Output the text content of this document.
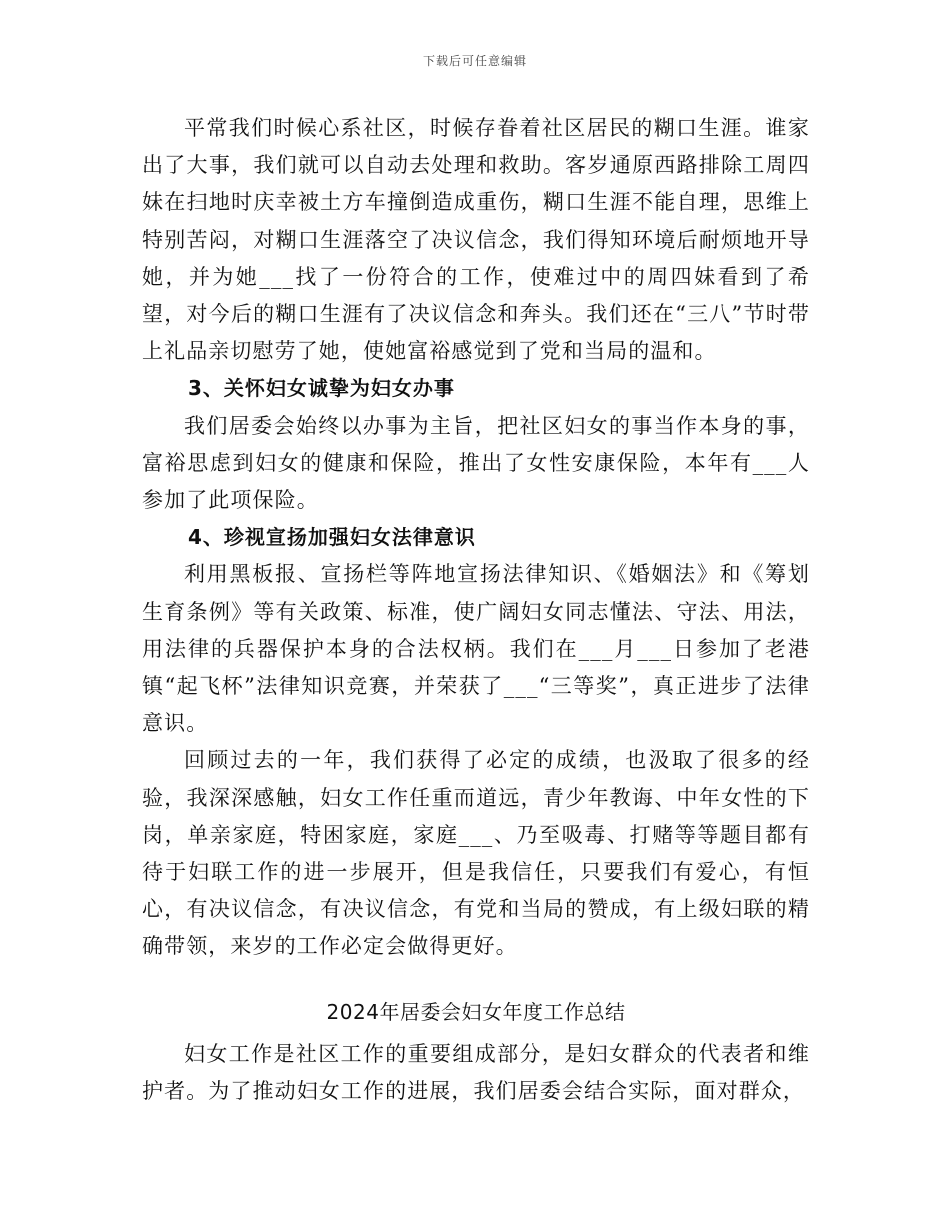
下载后可任意编辑

平常我们时候心系社区，时候存眷着社区居民的糊口生涯。谁家出了大事，我们就可以自动去处理和救助。客岁通原西路排除工周四妹在扫地时庆幸被土方车撞倒造成重伤，糊口生涯不能自理，思维上特别苦闷，对糊口生涯落空了决议信念，我们得知环境后耐烦地开导她，并为她___找了一份符合的工作，使难过中的周四妹看到了希望，对今后的糊口生涯有了决议信念和奔头。我们还在“三八”节时带上礼品亲切慰劳了她，使她富裕感觉到了党和当局的温和。

3、关怀妇女诚挚为妇女办事

我们居委会始终以办事为主旨，把社区妇女的事当作本身的事，富裕思虑到妇女的健康和保险，推出了女性安康保险，本年有___人参加了此项保险。

4、珍视宣扬加强妇女法律意识

利用黑板报、宣扬栏等阵地宣扬法律知识、《婚姻法》和《筹划生育条例》等有关政策、标准，使广阔妇女同志懂法、守法、用法，用法律的兵器保护本身的合法权柄。我们在___月___日参加了老港镇“起飞杯”法律知识竞赛，并荣获了___“三等奖”，真正进步了法律意识。

回顾过去的一年，我们获得了必定的成绩，也汲取了很多的经验，我深深感触，妇女工作任重而道远，青少年教诲、中年女性的下岗，单亲家庭，特困家庭，家庭___、乃至吸毒、打赌等等题目都有待于妇联工作的进一步展开，但是我信任，只要我们有爱心，有恒心，有决议信念，有决议信念，有党和当局的赞成，有上级妇联的精确带领，来岁的工作必定会做得更好。

2024年居委会妇女年度工作总结

妇女工作是社区工作的重要组成部分，是妇女群众的代表者和维护者。为了推动妇女工作的进展，我们居委会结合实际，面对群众，
